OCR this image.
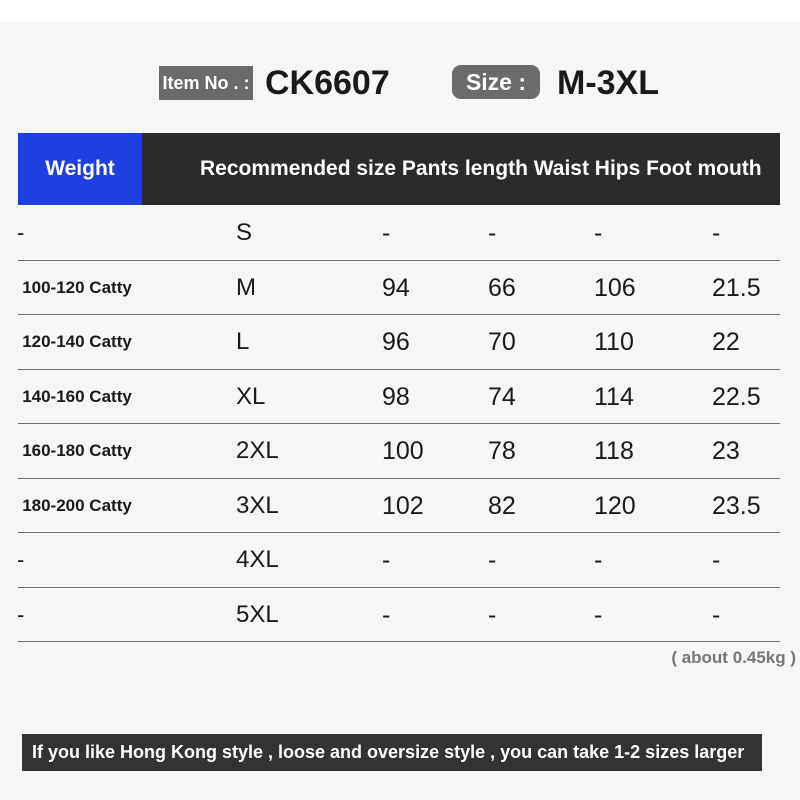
Item No . : CK6607	Size : M-3XL
Weight	Recommended size Pants length Waist Hips Foot mouth
-	S	-	-	-	-
100-120 Catty	M	94	66	106	21.5
120-140 Catty	L	96	70	110	22
140-160 Catty	XL	98	74	114	22.5
160-180 Catty	2XL	100	78	118	23
180-200 Catty	3XL	102	82	120	23.5
-	4XL	-	-	-	-
-	5XL	-	-	-	-
( about 0.45kg )
If you like Hong Kong style , loose and oversize style , you can take 1-2 sizes larger
